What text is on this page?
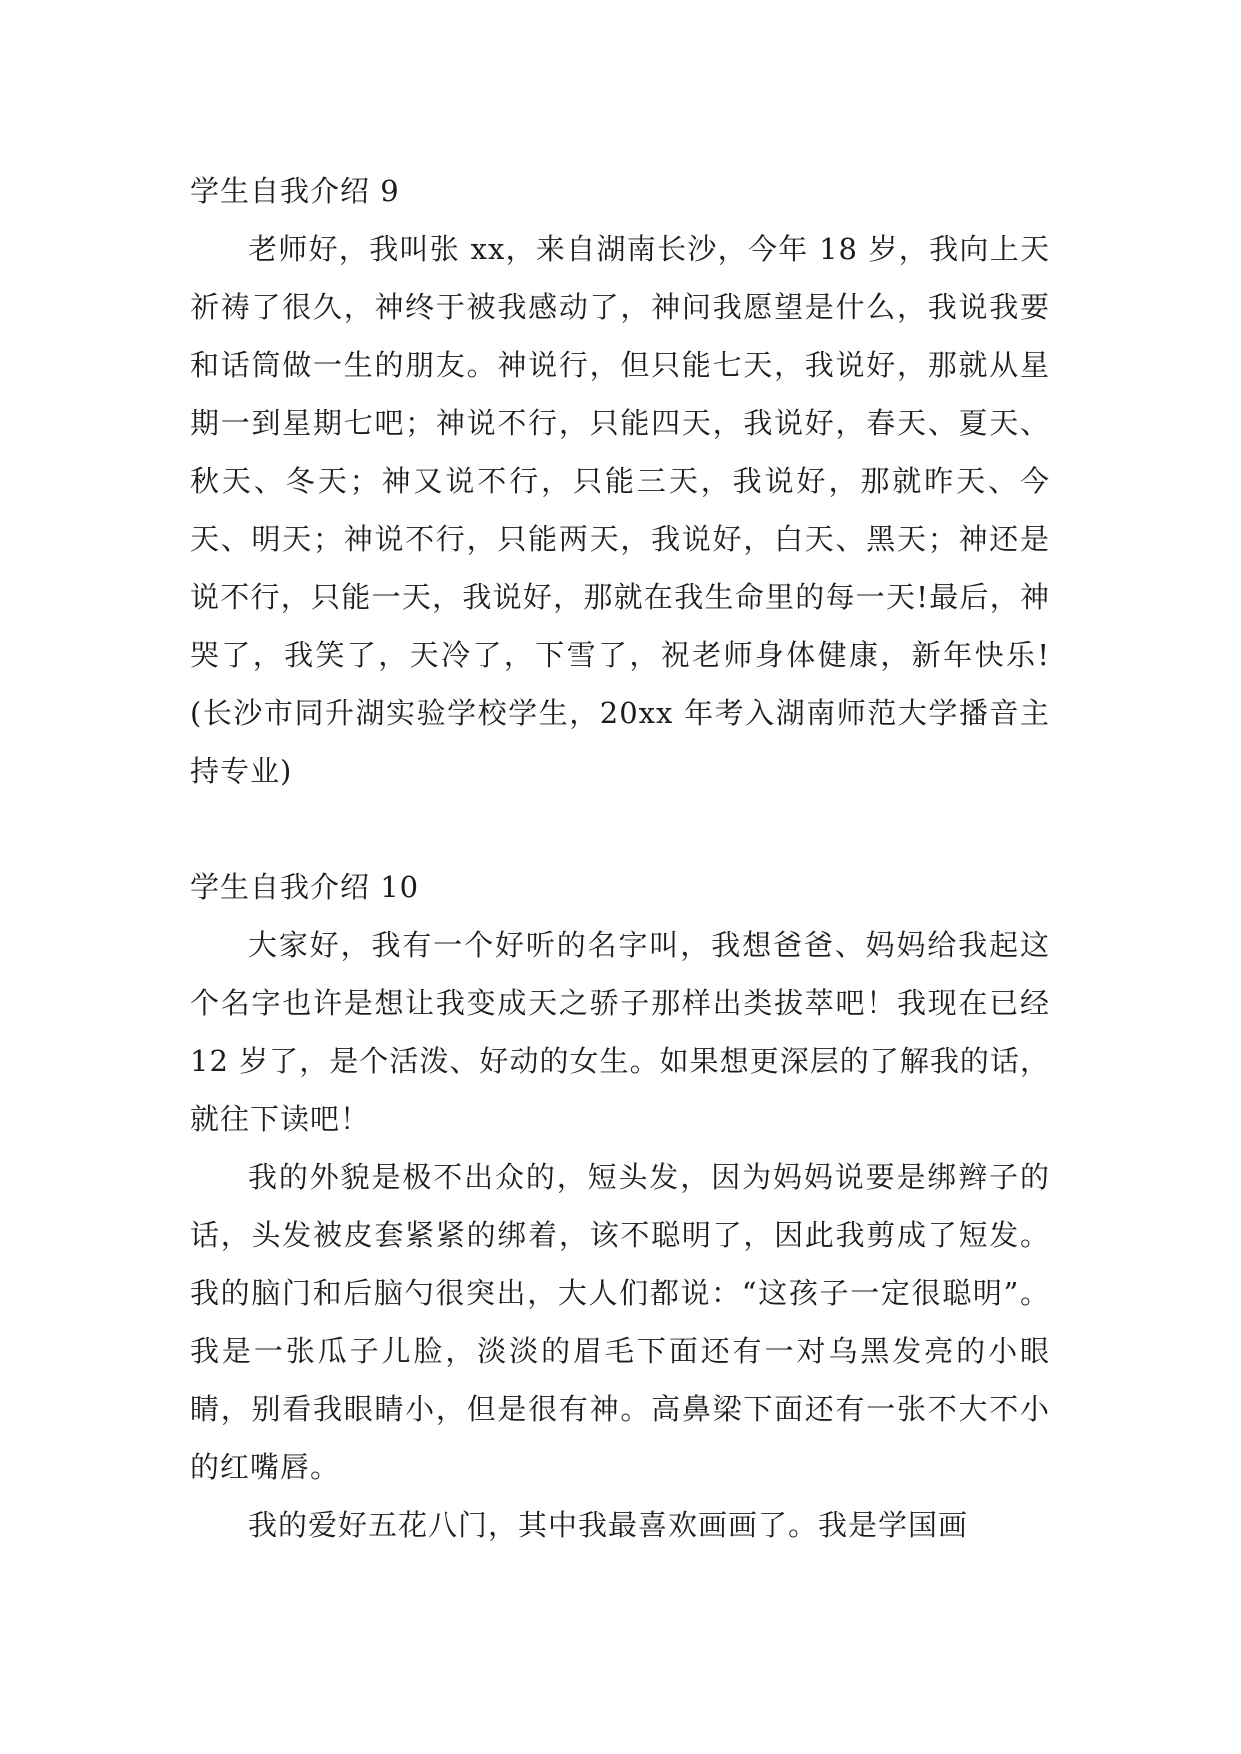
学生自我介绍 9

老师好，我叫张 xx，来自湖南长沙，今年 18 岁，我向上天祈祷了很久，神终于被我感动了，神问我愿望是什么，我说我要和话筒做一生的朋友。神说行，但只能七天，我说好，那就从星期一到星期七吧；神说不行，只能四天，我说好，春天、夏天、秋天、冬天；神又说不行，只能三天，我说好，那就昨天、今天、明天；神说不行，只能两天，我说好，白天、黑天；神还是说不行，只能一天，我说好，那就在我生命里的每一天!最后，神哭了，我笑了，天冷了，下雪了，祝老师身体健康，新年快乐!(长沙市同升湖实验学校学生，20xx 年考入湖南师范大学播音主持专业)

学生自我介绍 10

大家好，我有一个好听的名字叫，我想爸爸、妈妈给我起这个名字也许是想让我变成天之骄子那样出类拔萃吧！我现在已经 12 岁了，是个活泼、好动的女生。如果想更深层的了解我的话，就往下读吧！

我的外貌是极不出众的，短头发，因为妈妈说要是绑辫子的话，头发被皮套紧紧的绑着，该不聪明了，因此我剪成了短发。我的脑门和后脑勺很突出，大人们都说：“这孩子一定很聪明”。我是一张瓜子儿脸，淡淡的眉毛下面还有一对乌黑发亮的小眼睛，别看我眼睛小，但是很有神。高鼻梁下面还有一张不大不小的红嘴唇。

我的爱好五花八门，其中我最喜欢画画了。我是学国画
